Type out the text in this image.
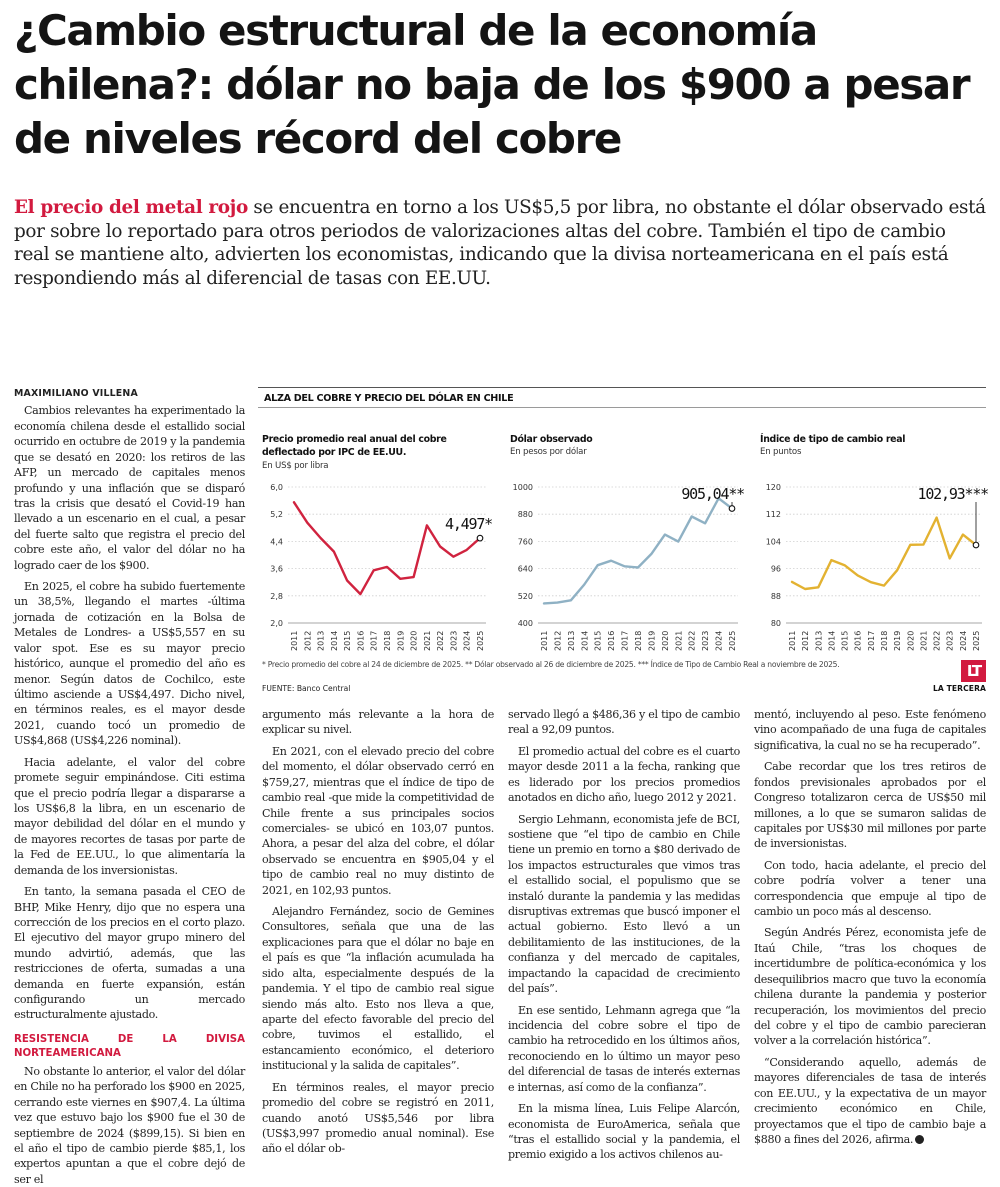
¿Cambio estructural de la economía chilena?: dólar no baja de los $900 a pesar de niveles récord del cobre

El precio del metal rojo se encuentra en torno a los US$5,5 por libra, no obstante el dólar observado está por sobre lo reportado para otros periodos de valorizaciones altas del cobre. También el tipo de cambio real se mantiene alto, advierten los economistas, indicando que la divisa norteamericana en el país está respondiendo más al diferencial de tasas con EE.UU.

MAXIMILIANO VILLENA

Cambios relevantes ha experimentado la economía chilena desde el estallido social ocurrido en octubre de 2019 y la pandemia que se desató en 2020: los retiros de las AFP, un mercado de capitales menos profundo y una inflación que se disparó tras la crisis que desató el Covid-19 han llevado a un escenario en el cual, a pesar del fuerte salto que registra el precio del cobre este año, el valor del dólar no ha logrado caer de los $900.

En 2025, el cobre ha subido fuertemente un 38,5%, llegando el martes -última jornada de cotización en la Bolsa de Metales de Londres- a US$5,557 en su valor spot. Ese es su mayor precio histórico, aunque el promedio del año es menor. Según datos de Cochilco, este último asciende a US$4,497. Dicho nivel, en términos reales, es el mayor desde 2021, cuando tocó un promedio de US$4,868 (US$4,226 nominal).

Hacia adelante, el valor del cobre promete seguir empinándose. Citi estima que el precio podría llegar a dispararse a los US$6,8 la libra, en un escenario de mayor debilidad del dólar en el mundo y de mayores recortes de tasas por parte de la Fed de EE.UU., lo que alimentaría la demanda de los inversionistas.

En tanto, la semana pasada el CEO de BHP, Mike Henry, dijo que no espera una corrección de los precios en el corto plazo. El ejecutivo del mayor grupo minero del mundo advirtió, además, que las restricciones de oferta, sumadas a una demanda en fuerte expansión, están configurando un mercado estructuralmente ajustado.

RESISTENCIA DE LA DIVISA NORTEAMERICANA

No obstante lo anterior, el valor del dólar en Chile no ha perforado los $900 en 2025, cerrando este viernes en $907,4. La última vez que estuvo bajo los $900 fue el 30 de septiembre de 2024 ($899,15). Si bien en el año el tipo de cambio pierde $85,1, los expertos apuntan a que el cobre dejó de ser el

ALZA DEL COBRE Y PRECIO DEL DÓLAR EN CHILE
Precio promedio real anual del cobre deflectado por IPC de EE.UU.
En US$ por libra
Dólar observado
En pesos por dólar
Índice de tipo de cambio real
En puntos
2,0
2,8
3,6
4,4
5,2
6,0
2011 2012 2013 2014 2015 2016 2017 2018 2019 2020 2021 2022 2023 2024 2025
4,497*
400
520
640
760
880
1000
2011 2012 2013 2014 2015 2016 2017 2018 2019 2020 2021 2022 2023 2024 2025
905,04**
80
88
96
104
112
120
2011 2012 2013 2014 2015 2016 2017 2018 2019 2020 2021 2022 2023 2024 2025
102,93***
* Precio promedio del cobre al 24 de diciembre de 2025. ** Dólar observado al 26 de diciembre de 2025. *** Índice de Tipo de Cambio Real a noviembre de 2025.	LT
FUENTE: Banco Central	LA TERCERA

argumento más relevante a la hora de explicar su nivel.

En 2021, con el elevado precio del cobre del momento, el dólar observado cerró en $759,27, mientras que el índice de tipo de cambio real -que mide la competitividad de Chile frente a sus principales socios comerciales- se ubicó en 103,07 puntos. Ahora, a pesar del alza del cobre, el dólar observado se encuentra en $905,04 y el tipo de cambio real no muy distinto de 2021, en 102,93 puntos.

Alejandro Fernández, socio de Gemines Consultores, señala que una de las explicaciones para que el dólar no baje en el país es que “la inflación acumulada ha sido alta, especialmente después de la pandemia. Y el tipo de cambio real sigue siendo más alto. Esto nos lleva a que, aparte del efecto favorable del precio del cobre, tuvimos el estallido, el estancamiento económico, el deterioro institucional y la salida de capitales”.

En términos reales, el mayor precio promedio del cobre se registró en 2011, cuando anotó US$5,546 por libra (US$3,997 promedio anual nominal). Ese año el dólar ob-

servado llegó a $486,36 y el tipo de cambio real a 92,09 puntos.

El promedio actual del cobre es el cuarto mayor desde 2011 a la fecha, ranking que es liderado por los precios promedios anotados en dicho año, luego 2012 y 2021.

Sergio Lehmann, economista jefe de BCI, sostiene que “el tipo de cambio en Chile tiene un premio en torno a $80 derivado de los impactos estructurales que vimos tras el estallido social, el populismo que se instaló durante la pandemia y las medidas disruptivas extremas que buscó imponer el actual gobierno. Esto llevó a un debilitamiento de las instituciones, de la confianza y del mercado de capitales, impactando la capacidad de crecimiento del país”.

En ese sentido, Lehmann agrega que “la incidencia del cobre sobre el tipo de cambio ha retrocedido en los últimos años, reconociendo en lo último un mayor peso del diferencial de tasas de interés externas e internas, así como de la confianza”.

En la misma línea, Luis Felipe Alarcón, economista de EuroAmerica, señala que “tras el estallido social y la pandemia, el premio exigido a los activos chilenos au-

mentó, incluyendo al peso. Este fenómeno vino acompañado de una fuga de capitales significativa, la cual no se ha recuperado”.

Cabe recordar que los tres retiros de fondos previsionales aprobados por el Congreso totalizaron cerca de US$50 mil millones, a lo que se sumaron salidas de capitales por US$30 mil millones por parte de inversionistas.

Con todo, hacia adelante, el precio del cobre podría volver a tener una correspondencia que empuje al tipo de cambio un poco más al descenso.

Según Andrés Pérez, economista jefe de Itaú Chile, “tras los choques de incertidumbre de política-económica y los desequilibrios macro que tuvo la economía chilena durante la pandemia y posterior recuperación, los movimientos del precio del cobre y el tipo de cambio parecieran volver a la correlación histórica”.

“Considerando aquello, además de mayores diferenciales de tasa de interés con EE.UU., y la expectativa de un mayor crecimiento económico en Chile, proyectamos que el tipo de cambio baje a $880 a fines del 2026, afirma.
